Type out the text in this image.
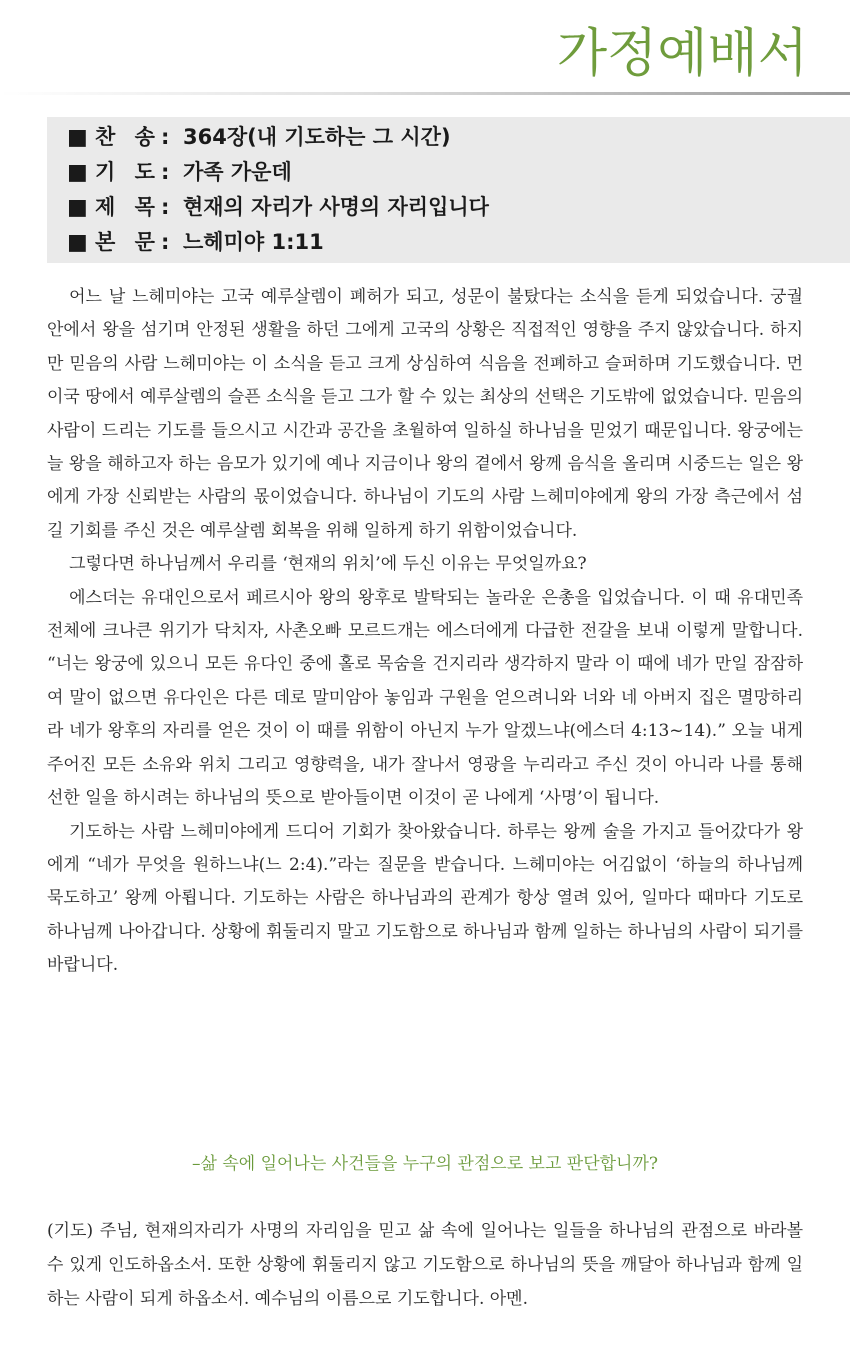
가정예배서
■ 찬 송: 364장(내 기도하는 그 시간)
■ 기 도: 가족 가운데
■ 제 목: 현재의 자리가 사명의 자리입니다
■ 본 문: 느헤미야 1:11

어느 날 느헤미야는 고국 예루살렘이 폐허가 되고, 성문이 불탔다는 소식을 듣게 되었습니다. 궁궐 안에서 왕을 섬기며 안정된 생활을 하던 그에게 고국의 상황은 직접적인 영향을 주지 않았습니다. 하지만 믿음의 사람 느헤미야는 이 소식을 듣고 크게 상심하여 식음을 전폐하고 슬퍼하며 기도했습니다. 먼 이국 땅에서 예루살렘의 슬픈 소식을 듣고 그가 할 수 있는 최상의 선택은 기도밖에 없었습니다. 믿음의 사람이 드리는 기도를 들으시고 시간과 공간을 초월하여 일하실 하나님을 믿었기 때문입니다. 왕궁에는 늘 왕을 해하고자 하는 음모가 있기에 예나 지금이나 왕의 곁에서 왕께 음식을 올리며 시중드는 일은 왕에게 가장 신뢰받는 사람의 몫이었습니다. 하나님이 기도의 사람 느헤미야에게 왕의 가장 측근에서 섬길 기회를 주신 것은 예루살렘 회복을 위해 일하게 하기 위함이었습니다.

그렇다면 하나님께서 우리를 ‘현재의 위치’에 두신 이유는 무엇일까요?

에스더는 유대인으로서 페르시아 왕의 왕후로 발탁되는 놀라운 은총을 입었습니다. 이 때 유대민족 전체에 크나큰 위기가 닥치자, 사촌오빠 모르드개는 에스더에게 다급한 전갈을 보내 이렇게 말합니다. “너는 왕궁에 있으니 모든 유다인 중에 홀로 목숨을 건지리라 생각하지 말라 이 때에 네가 만일 잠잠하여 말이 없으면 유다인은 다른 데로 말미암아 놓임과 구원을 얻으려니와 너와 네 아버지 집은 멸망하리라 네가 왕후의 자리를 얻은 것이 이 때를 위함이 아닌지 누가 알겠느냐(에스더 4:13~14).” 오늘 내게 주어진 모든 소유와 위치 그리고 영향력을, 내가 잘나서 영광을 누리라고 주신 것이 아니라 나를 통해 선한 일을 하시려는 하나님의 뜻으로 받아들이면 이것이 곧 나에게 ‘사명’이 됩니다.

기도하는 사람 느헤미야에게 드디어 기회가 찾아왔습니다. 하루는 왕께 술을 가지고 들어갔다가 왕에게 “네가 무엇을 원하느냐(느 2:4).”라는 질문을 받습니다. 느헤미야는 어김없이 ‘하늘의 하나님께 묵도하고’ 왕께 아룁니다. 기도하는 사람은 하나님과의 관계가 항상 열려 있어, 일마다 때마다 기도로 하나님께 나아갑니다. 상황에 휘둘리지 말고 기도함으로 하나님과 함께 일하는 하나님의 사람이 되기를 바랍니다.

–삶 속에 일어나는 사건들을 누구의 관점으로 보고 판단합니까?

(기도) 주님, 현재의자리가 사명의 자리임을 믿고 삶 속에 일어나는 일들을 하나님의 관점으로 바라볼 수 있게 인도하옵소서. 또한 상황에 휘둘리지 않고 기도함으로 하나님의 뜻을 깨달아 하나님과 함께 일하는 사람이 되게 하옵소서. 예수님의 이름으로 기도합니다. 아멘.
